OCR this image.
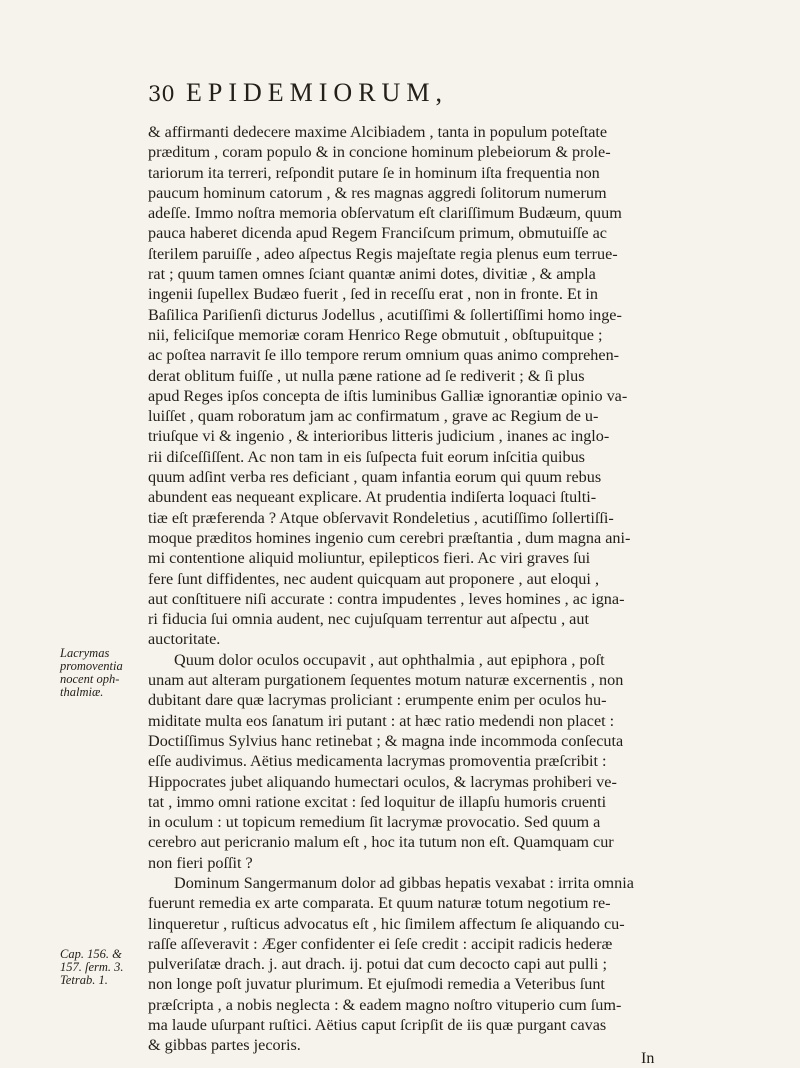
30 EPIDEMIORUM,
& affirmanti dedecere maxime Alcibiadem , tanta in populum poteſtate
præditum , coram populo & in concione hominum plebeiorum & prole-
tariorum ita terreri, reſpondit putare ſe in hominum iſta frequentia non
paucum hominum catorum , & res magnas aggredi ſolitorum numerum
adeſſe. Immo noſtra memoria obſervatum eſt clariſſimum Budæum, quum
pauca haberet dicenda apud Regem Franciſcum primum, obmutuiſſe ac
ſterilem paruiſſe , adeo aſpectus Regis majeſtate regia plenus eum terrue-
rat ; quum tamen omnes ſciant quantæ animi dotes, divitiæ , & ampla
ingenii ſupellex Budæo fuerit , ſed in receſſu erat , non in fronte. Et in
Baſilica Pariſienſi dicturus Jodellus , acutiſſimi & ſollertiſſimi homo inge-
nii, feliciſque memoriæ coram Henrico Rege obmutuit , obſtupuitque ;
ac poſtea narravit ſe illo tempore rerum omnium quas animo comprehen-
derat oblitum fuiſſe , ut nulla pæne ratione ad ſe rediverit ; & ſi plus
apud Reges ipſos concepta de iſtis luminibus Galliæ ignorantiæ opinio va-
luiſſet , quam roboratum jam ac confirmatum , grave ac Regium de u-
triuſque vi & ingenio , & interioribus litteris judicium , inanes ac inglo-
rii diſceſſiſſent. Ac non tam in eis ſuſpecta fuit eorum inſcitia quibus
quum adſint verba res deficiant , quam infantia eorum qui quum rebus
abundent eas nequeant explicare. At prudentia indiſerta loquaci ſtulti-
tiæ eſt præferenda ? Atque obſervavit Rondeletius , acutiſſimo ſollertiſſi-
moque præditos homines ingenio cum cerebri præſtantia , dum magna ani-
mi contentione aliquid moliuntur, epilepticos fieri. Ac viri graves ſui
fere ſunt diffidentes, nec audent quicquam aut proponere , aut eloqui ,
aut conſtituere niſi accurate : contra impudentes , leves homines , ac igna-
ri fiducia ſui omnia audent, nec cujuſquam terrentur aut aſpectu , aut
auctoritate.
Quum dolor oculos occupavit , aut ophthalmia , aut epiphora , poſt
unam aut alteram purgationem ſequentes motum naturæ excernentis , non
dubitant dare quæ lacrymas proliciant : erumpente enim per oculos hu-
miditate multa eos ſanatum iri putant : at hæc ratio medendi non placet :
Doctiſſimus Sylvius hanc retinebat ; & magna inde incommoda conſecuta
eſſe audivimus. Aëtius medicamenta lacrymas promoventia præſcribit :
Hippocrates jubet aliquando humectari oculos, & lacrymas prohiberi ve-
tat , immo omni ratione excitat : ſed loquitur de illapſu humoris cruenti
in oculum : ut topicum remedium ſit lacrymæ provocatio. Sed quum a
cerebro aut pericranio malum eſt , hoc ita tutum non eſt. Quamquam cur
non fieri poſſit ?
Dominum Sangermanum dolor ad gibbas hepatis vexabat : irrita omnia
fuerunt remedia ex arte comparata. Et quum naturæ totum negotium re-
linqueretur , ruſticus advocatus eſt , hic ſimilem affectum ſe aliquando cu-
raſſe aſſeveravit : Æger confidenter ei ſeſe credit : accipit radicis hederæ
pulveriſatæ drach. j. aut drach. ij. potui dat cum decocto capi aut pulli ;
non longe poſt juvatur plurimum. Et ejuſmodi remedia a Veteribus ſunt
præſcripta , a nobis neglecta : & eadem magno noſtro vituperio cum ſum-
ma laude uſurpant ruſtici. Aëtius caput ſcripſit de iis quæ purgant cavas
& gibbas partes jecoris.
Lacrymas
promoventia
nocent oph-
thalmiæ.
Cap. 156. &
157. ſerm. 3.
Tetrab. 1.
In
